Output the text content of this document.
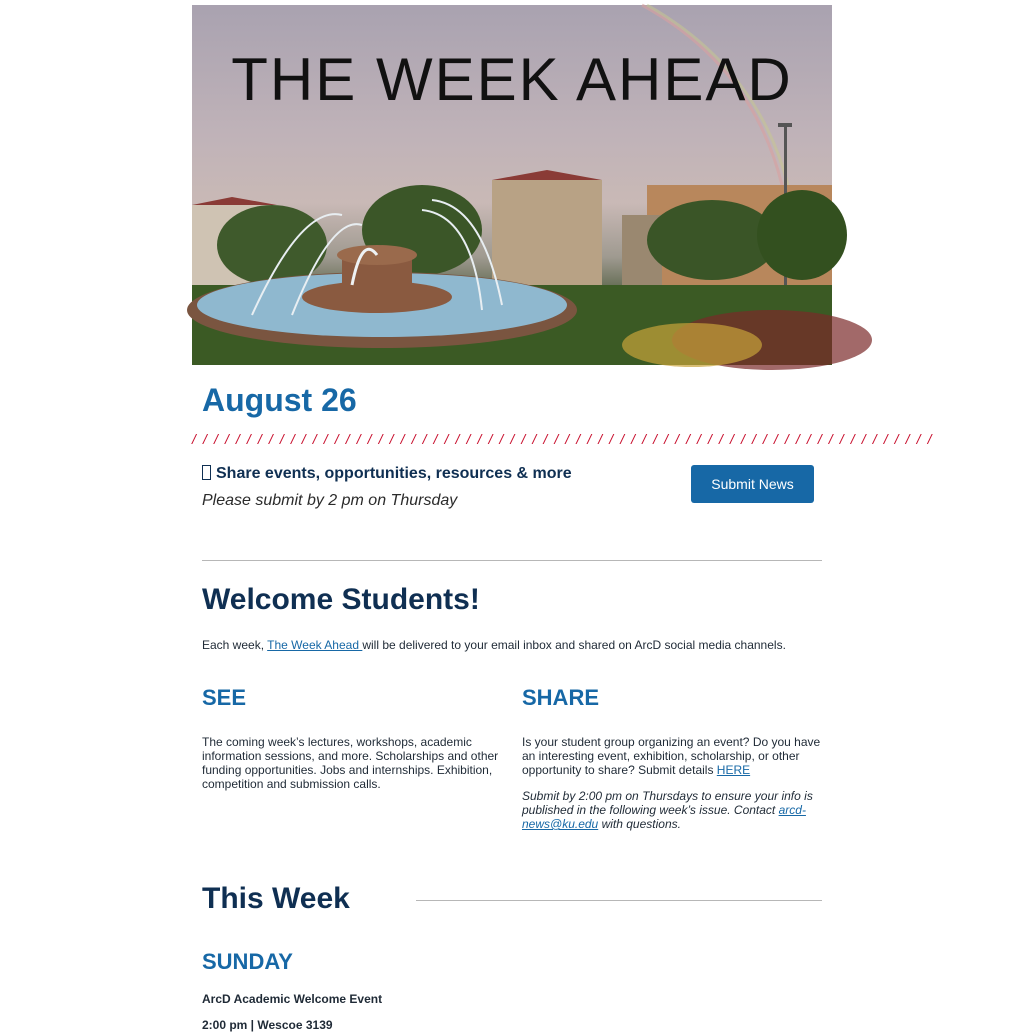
THE WEEK AHEAD
August 26
/ / / / / / / / / / / / / / / / / / / / / / / / / / / / / / / / / / / / / / / / / / / / / / / / / / / / / / / / / / / / / / / / / / / /
Share events, opportunities, resources & more
Please submit by 2 pm on Thursday
Submit News
Welcome Students!
Each week, The Week Ahead will be delivered to your email inbox and shared on ArcD social media channels.
SEE

The coming week’s lectures, workshops, academic information sessions, and more. Scholarships and other funding opportunities. Jobs and internships. Exhibition, competition and submission calls.

SHARE

Is your student group organizing an event? Do you have an interesting event, exhibition, scholarship, or other opportunity to share? Submit details HERE

Submit by 2:00 pm on Thursdays to ensure your info is published in the following week’s issue. Contact arcd-news@ku.edu with questions.

This Week
SUNDAY
ArcD Academic Welcome Event
2:00 pm | Wescoe 3139
